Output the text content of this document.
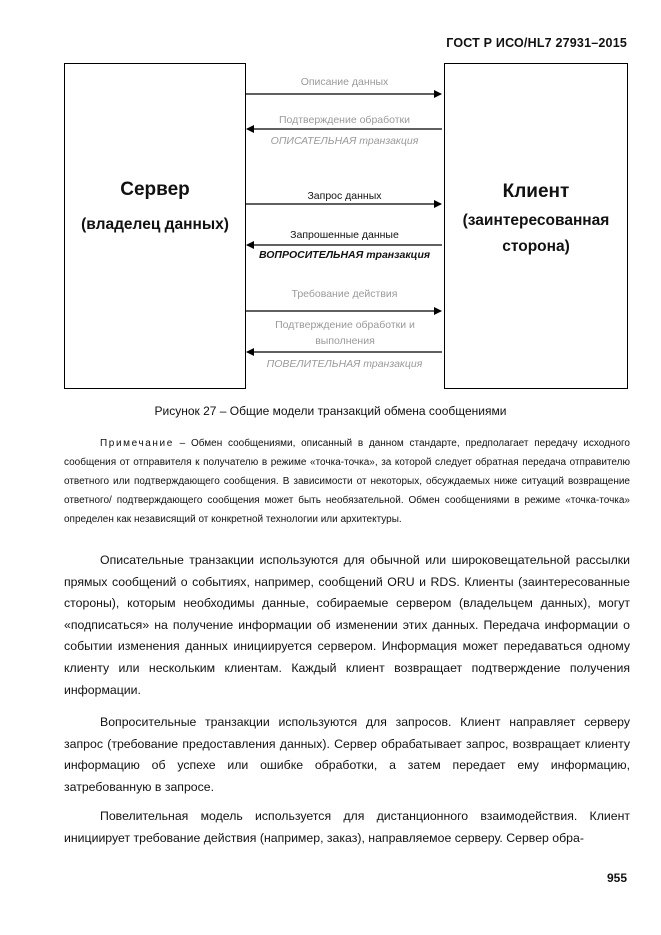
ГОСТ Р ИСО/HL7 27931–2015
Сервер
(владелец данных)
Клиент
(заинтересованная
сторона)
Описание данных
Подтверждение обработки
ОПИСАТЕЛЬНАЯ транзакция
Запрос данных
Запрошенные данные
ВОПРОСИТЕЛЬНАЯ транзакция
Требование действия
Подтверждение обработки и выполнения
ПОВЕЛИТЕЛЬНАЯ транзакция
Рисунок 27 – Общие модели транзакций обмена сообщениями
Примечание – Обмен сообщениями, описанный в данном стандарте, предполагает передачу исходного сообщения от отправителя к получателю в режиме «точка-точка», за которой следует обратная передача отправителю ответного или подтверждающего сообщения. В зависимости от некоторых, обсуждаемых ниже ситуаций возвращение ответного/ подтверждающего сообщения может быть необязательной. Обмен сообщениями в режиме «точка-точка» определен как независящий от конкретной технологии или архитектуры.
Описательные транзакции используются для обычной или широковещательной рассылки прямых сообщений о событиях, например, сообщений ORU и RDS. Клиенты (заинтересованные стороны), которым необходимы данные, собираемые сервером (владельцем данных), могут «подписаться» на получение информации об изменении этих данных. Передача информации о событии изменения данных инициируется сервером. Информация может передаваться одному клиенту или нескольким клиентам. Каждый клиент возвращает подтверждение получения информации.
Вопросительные транзакции используются для запросов. Клиент направляет серверу запрос (требование предоставления данных). Сервер обрабатывает запрос, возвращает клиенту информацию об успехе или ошибке обработки, а затем передает ему информацию, затребованную в запросе.
Повелительная модель используется для дистанционного взаимодействия. Клиент инициирует требование действия (например, заказ), направляемое серверу. Сервер обра-
955
